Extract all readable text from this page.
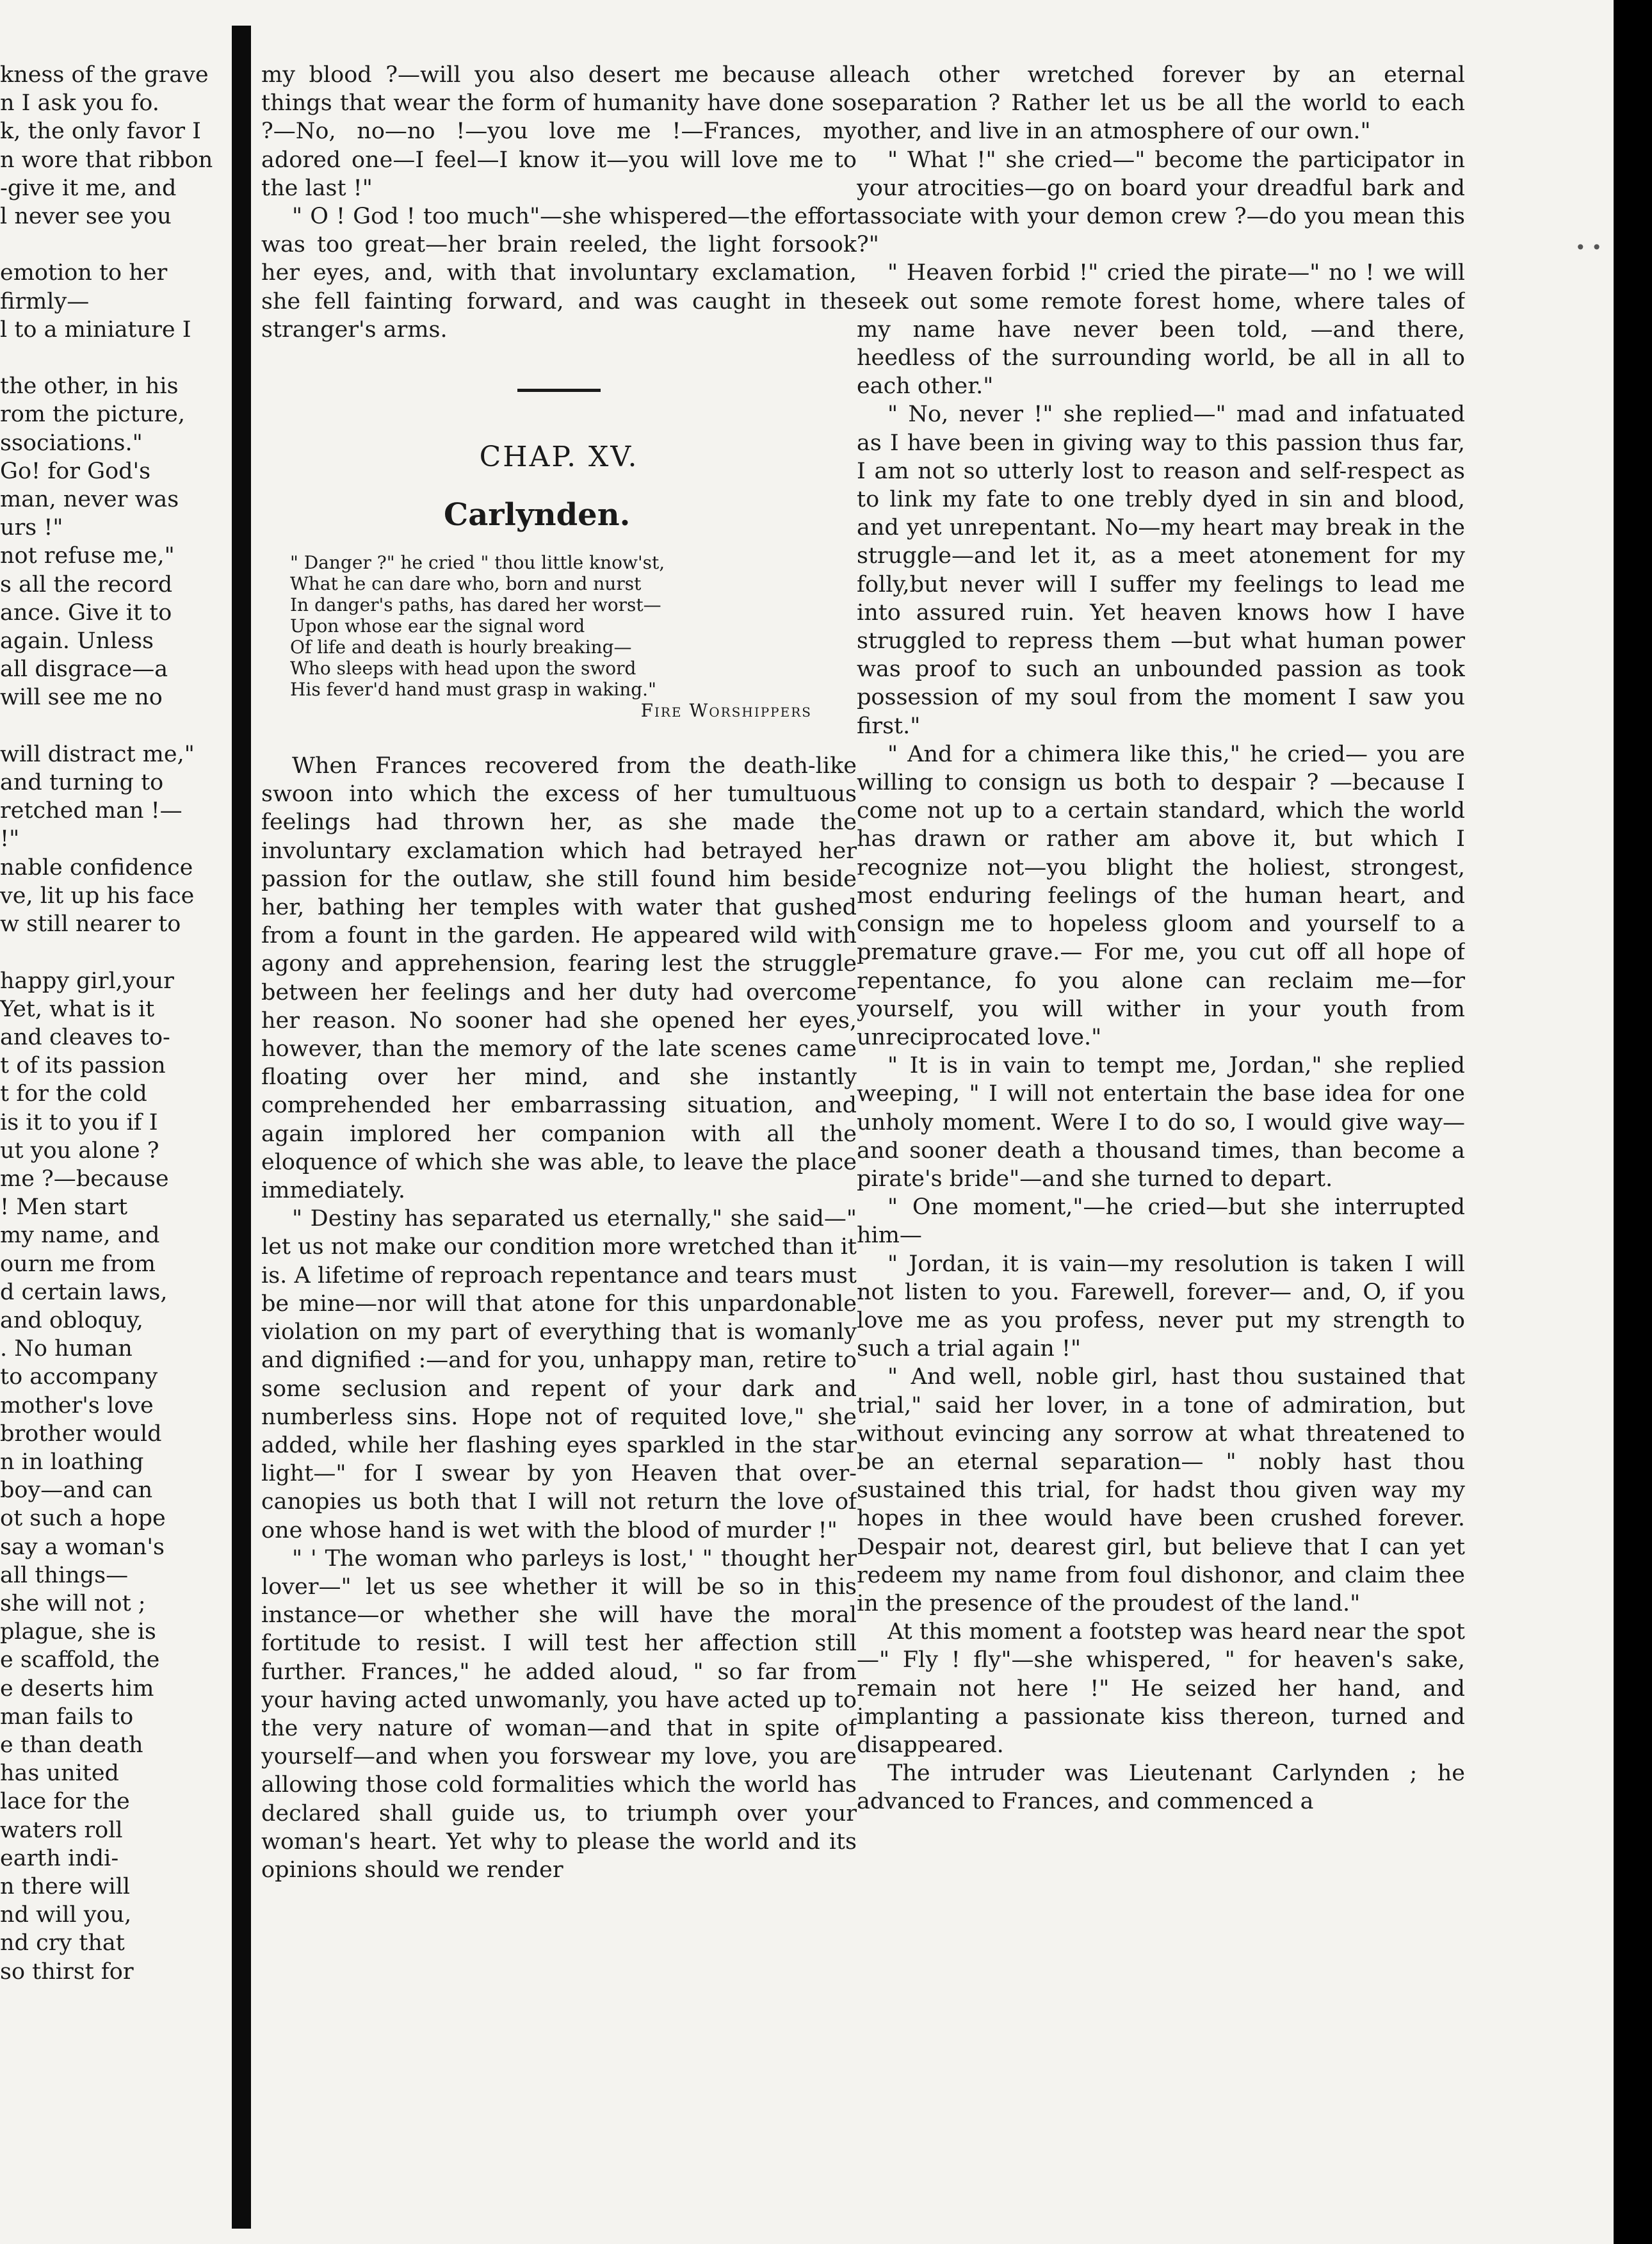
kness of the grave
n I ask you fo.
k, the only favor I
n wore that ribbon
-give it me, and
l never see you

emotion to her
firmly—
l to a miniature I

the other, in his
rom the picture,
ssociations."
Go! for God's
man, never was
urs !"
not refuse me,"
s all the record
ance. Give it to
again. Unless
all disgrace—a
will see me no

will distract me,"
and turning to
retched man !—
!"
nable confidence
ve, lit up his face
w still nearer to

happy girl,your
Yet, what is it
and cleaves to-
t of its passion
t for the cold
is it to you if I
ut you alone ?
me ?—because
! Men start
my name, and
ourn me from
d certain laws,
and obloquy,
. No human
to accompany
mother's love
brother would
n in loathing
boy—and can
ot such a hope
say a woman's
all things—
she will not ;
plague, she is
e scaffold, the
e deserts him
man fails to
e than death
has united
lace for the
waters roll
earth indi-
n there will
nd will you,
nd cry that
so thirst for

my blood ?—will you also desert me because all things that wear the form of humanity have done so ?—No, no—no !—you love me !—Frances, my adored one—I feel—I know it—you will love me to the last !"

" O ! God ! too much"—she whispered—the effort was too great—her brain reeled, the light forsook her eyes, and, with that involuntary exclamation, she fell fainting forward, and was caught in the stranger's arms.

CHAP. XV.
Carlynden.
" Danger ?" he cried " thou little know'st,
What he can dare who, born and nurst
In danger's paths, has dared her worst—
Upon whose ear the signal word
Of life and death is hourly breaking—
Who sleeps with head upon the sword
His fever'd hand must grasp in waking."
Fire Worshippers

When Frances recovered from the death-like swoon into which the excess of her tumultuous feelings had thrown her, as she made the involuntary exclamation which had betrayed her passion for the outlaw, she still found him beside her, bathing her temples with water that gushed from a fount in the garden. He appeared wild with agony and apprehension, fearing lest the struggle between her feelings and her duty had overcome her reason. No sooner had she opened her eyes, however, than the memory of the late scenes came floating over her mind, and she instantly comprehended her embarrassing situation, and again implored her companion with all the eloquence of which she was able, to leave the place immediately.

" Destiny has separated us eternally," she said—" let us not make our condition more wretched than it is. A lifetime of reproach repentance and tears must be mine—nor will that atone for this unpardonable violation on my part of everything that is womanly and dignified :—and for you, unhappy man, retire to some seclusion and repent of your dark and numberless sins. Hope not of requited love," she added, while her flashing eyes sparkled in the star light—" for I swear by yon Heaven that over-canopies us both that I will not return the love of one whose hand is wet with the blood of murder !"

" ' The woman who parleys is lost,' " thought her lover—" let us see whether it will be so in this instance—or whether she will have the moral fortitude to resist. I will test her affection still further. Frances," he added aloud, " so far from your having acted unwomanly, you have acted up to the very nature of woman—and that in spite of yourself—and when you forswear my love, you are allowing those cold formalities which the world has declared shall guide us, to triumph over your woman's heart. Yet why to please the world and its opinions should we render

each other wretched forever by an eternal separation ? Rather let us be all the world to each other, and live in an atmosphere of our own."

" What !" she cried—" become the participator in your atrocities—go on board your dreadful bark and associate with your demon crew ?—do you mean this ?"

" Heaven forbid !" cried the pirate—" no ! we will seek out some remote forest home, where tales of my name have never been told, —and there, heedless of the surrounding world, be all in all to each other."

" No, never !" she replied—" mad and infatuated as I have been in giving way to this passion thus far, I am not so utterly lost to reason and self-respect as to link my fate to one trebly dyed in sin and blood, and yet unrepentant. No—my heart may break in the struggle—and let it, as a meet atonement for my folly,but never will I suffer my feelings to lead me into assured ruin. Yet heaven knows how I have struggled to repress them —but what human power was proof to such an unbounded passion as took possession of my soul from the moment I saw you first."

" And for a chimera like this," he cried— you are willing to consign us both to despair ? —because I come not up to a certain standard, which the world has drawn or rather am above it, but which I recognize not—you blight the holiest, strongest, most enduring feelings of the human heart, and consign me to hopeless gloom and yourself to a premature grave.— For me, you cut off all hope of repentance, fo you alone can reclaim me—for yourself, you will wither in your youth from unreciprocated love."

" It is in vain to tempt me, Jordan," she replied weeping, " I will not entertain the base idea for one unholy moment. Were I to do so, I would give way—and sooner death a thousand times, than become a pirate's bride"—and she turned to depart.

" One moment,"—he cried—but she interrupted him—

" Jordan, it is vain—my resolution is taken I will not listen to you. Farewell, forever— and, O, if you love me as you profess, never put my strength to such a trial again !"

" And well, noble girl, hast thou sustained that trial," said her lover, in a tone of admiration, but without evincing any sorrow at what threatened to be an eternal separation— " nobly hast thou sustained this trial, for hadst thou given way my hopes in thee would have been crushed forever. Despair not, dearest girl, but believe that I can yet redeem my name from foul dishonor, and claim thee in the presence of the proudest of the land."

At this moment a footstep was heard near the spot—" Fly ! fly"—she whispered, " for heaven's sake, remain not here !" He seized her hand, and implanting a passionate kiss thereon, turned and disappeared.

The intruder was Lieutenant Carlynden ; he advanced to Frances, and commenced a

• •
